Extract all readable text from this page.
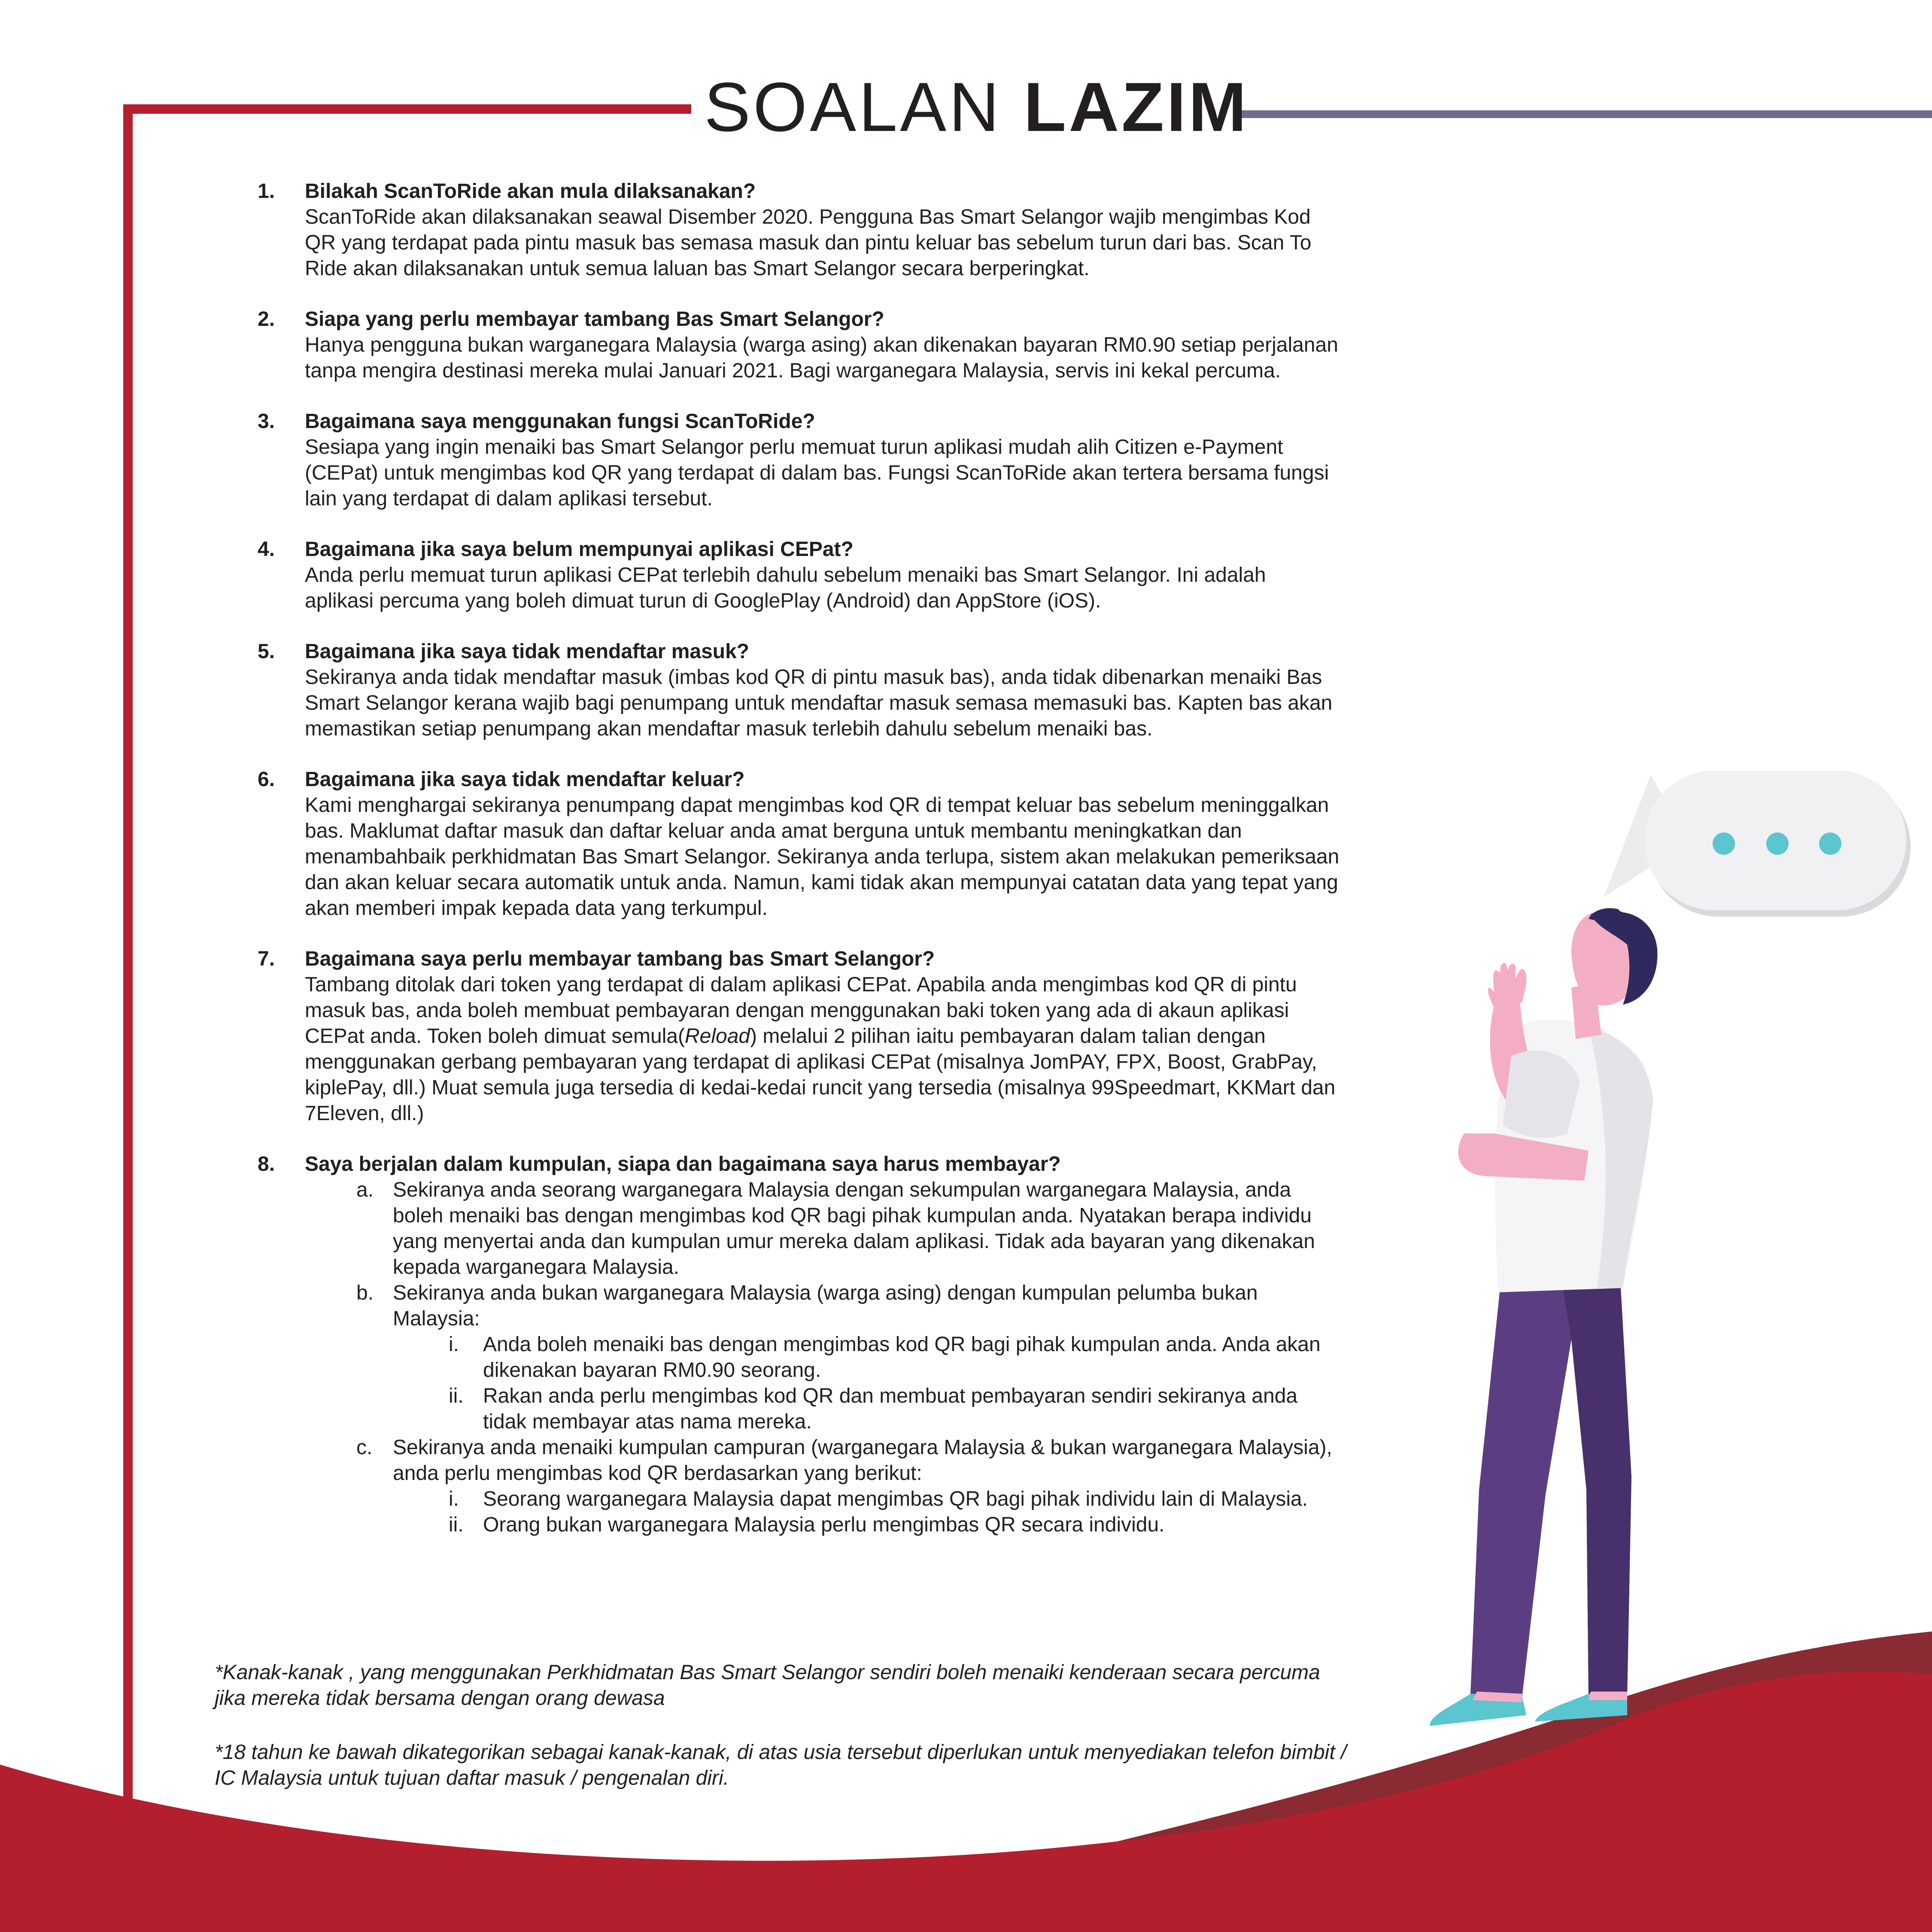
SOALAN LAZIM
1. Bilakah ScanToRide akan mula dilaksanakan?
ScanToRide akan dilaksanakan seawal Disember 2020. Pengguna Bas Smart Selangor wajib mengimbas Kod QR yang terdapat pada pintu masuk bas semasa masuk dan pintu keluar bas sebelum turun dari bas. Scan To Ride akan dilaksanakan untuk semua laluan bas Smart Selangor secara berperingkat.
2. Siapa yang perlu membayar tambang Bas Smart Selangor?
Hanya pengguna bukan warganegara Malaysia (warga asing) akan dikenakan bayaran RM0.90 setiap perjalanan tanpa mengira destinasi mereka mulai Januari 2021. Bagi warganegara Malaysia, servis ini kekal percuma.
3. Bagaimana saya menggunakan fungsi ScanToRide?
Sesiapa yang ingin menaiki bas Smart Selangor perlu memuat turun aplikasi mudah alih Citizen e-Payment (CEPat) untuk mengimbas kod QR yang terdapat di dalam bas. Fungsi ScanToRide akan tertera bersama fungsi lain yang terdapat di dalam aplikasi tersebut.
4. Bagaimana jika saya belum mempunyai aplikasi CEPat?
Anda perlu memuat turun aplikasi CEPat terlebih dahulu sebelum menaiki bas Smart Selangor. Ini adalah aplikasi percuma yang boleh dimuat turun di GooglePlay (Android) dan AppStore (iOS).
5. Bagaimana jika saya tidak mendaftar masuk?
Sekiranya anda tidak mendaftar masuk (imbas kod QR di pintu masuk bas), anda tidak dibenarkan menaiki Bas Smart Selangor kerana wajib bagi penumpang untuk mendaftar masuk semasa memasuki bas. Kapten bas akan memastikan setiap penumpang akan mendaftar masuk terlebih dahulu sebelum menaiki bas.
6. Bagaimana jika saya tidak mendaftar keluar?
Kami menghargai sekiranya penumpang dapat mengimbas kod QR di tempat keluar bas sebelum meninggalkan bas. Maklumat daftar masuk dan daftar keluar anda amat berguna untuk membantu meningkatkan dan menambahbaik perkhidmatan Bas Smart Selangor. Sekiranya anda terlupa, sistem akan melakukan pemeriksaan dan akan keluar secara automatik untuk anda. Namun, kami tidak akan mempunyai catatan data yang tepat yang akan memberi impak kepada data yang terkumpul.
7. Bagaimana saya perlu membayar tambang bas Smart Selangor?
Tambang ditolak dari token yang terdapat di dalam aplikasi CEPat. Apabila anda mengimbas kod QR di pintu masuk bas, anda boleh membuat pembayaran dengan menggunakan baki token yang ada di akaun aplikasi CEPat anda. Token boleh dimuat semula(Reload) melalui 2 pilihan iaitu pembayaran dalam talian dengan menggunakan gerbang pembayaran yang terdapat di aplikasi CEPat (misalnya JomPAY, FPX, Boost, GrabPay, kiplePay, dll.) Muat semula juga tersedia di kedai-kedai runcit yang tersedia (misalnya 99Speedmart, KKMart dan 7Eleven, dll.)
8. Saya berjalan dalam kumpulan, siapa dan bagaimana saya harus membayar?
a. Sekiranya anda seorang warganegara Malaysia dengan sekumpulan warganegara Malaysia, anda boleh menaiki bas dengan mengimbas kod QR bagi pihak kumpulan anda. Nyatakan berapa individu yang menyertai anda dan kumpulan umur mereka dalam aplikasi. Tidak ada bayaran yang dikenakan kepada warganegara Malaysia.
b. Sekiranya anda bukan warganegara Malaysia (warga asing) dengan kumpulan pelumba bukan Malaysia:
i. Anda boleh menaiki bas dengan mengimbas kod QR bagi pihak kumpulan anda. Anda akan dikenakan bayaran RM0.90 seorang.
ii. Rakan anda perlu mengimbas kod QR dan membuat pembayaran sendiri sekiranya anda tidak membayar atas nama mereka.
c. Sekiranya anda menaiki kumpulan campuran (warganegara Malaysia & bukan warganegara Malaysia), anda perlu mengimbas kod QR berdasarkan yang berikut:
i. Seorang warganegara Malaysia dapat mengimbas QR bagi pihak individu lain di Malaysia.
ii. Orang bukan warganegara Malaysia perlu mengimbas QR secara individu.
*Kanak-kanak , yang menggunakan Perkhidmatan Bas Smart Selangor sendiri boleh menaiki kenderaan secara percuma jika mereka tidak bersama dengan orang dewasa
*18 tahun ke bawah dikategorikan sebagai kanak-kanak, di atas usia tersebut diperlukan untuk menyediakan telefon bimbit / IC Malaysia untuk tujuan daftar masuk / pengenalan diri.
